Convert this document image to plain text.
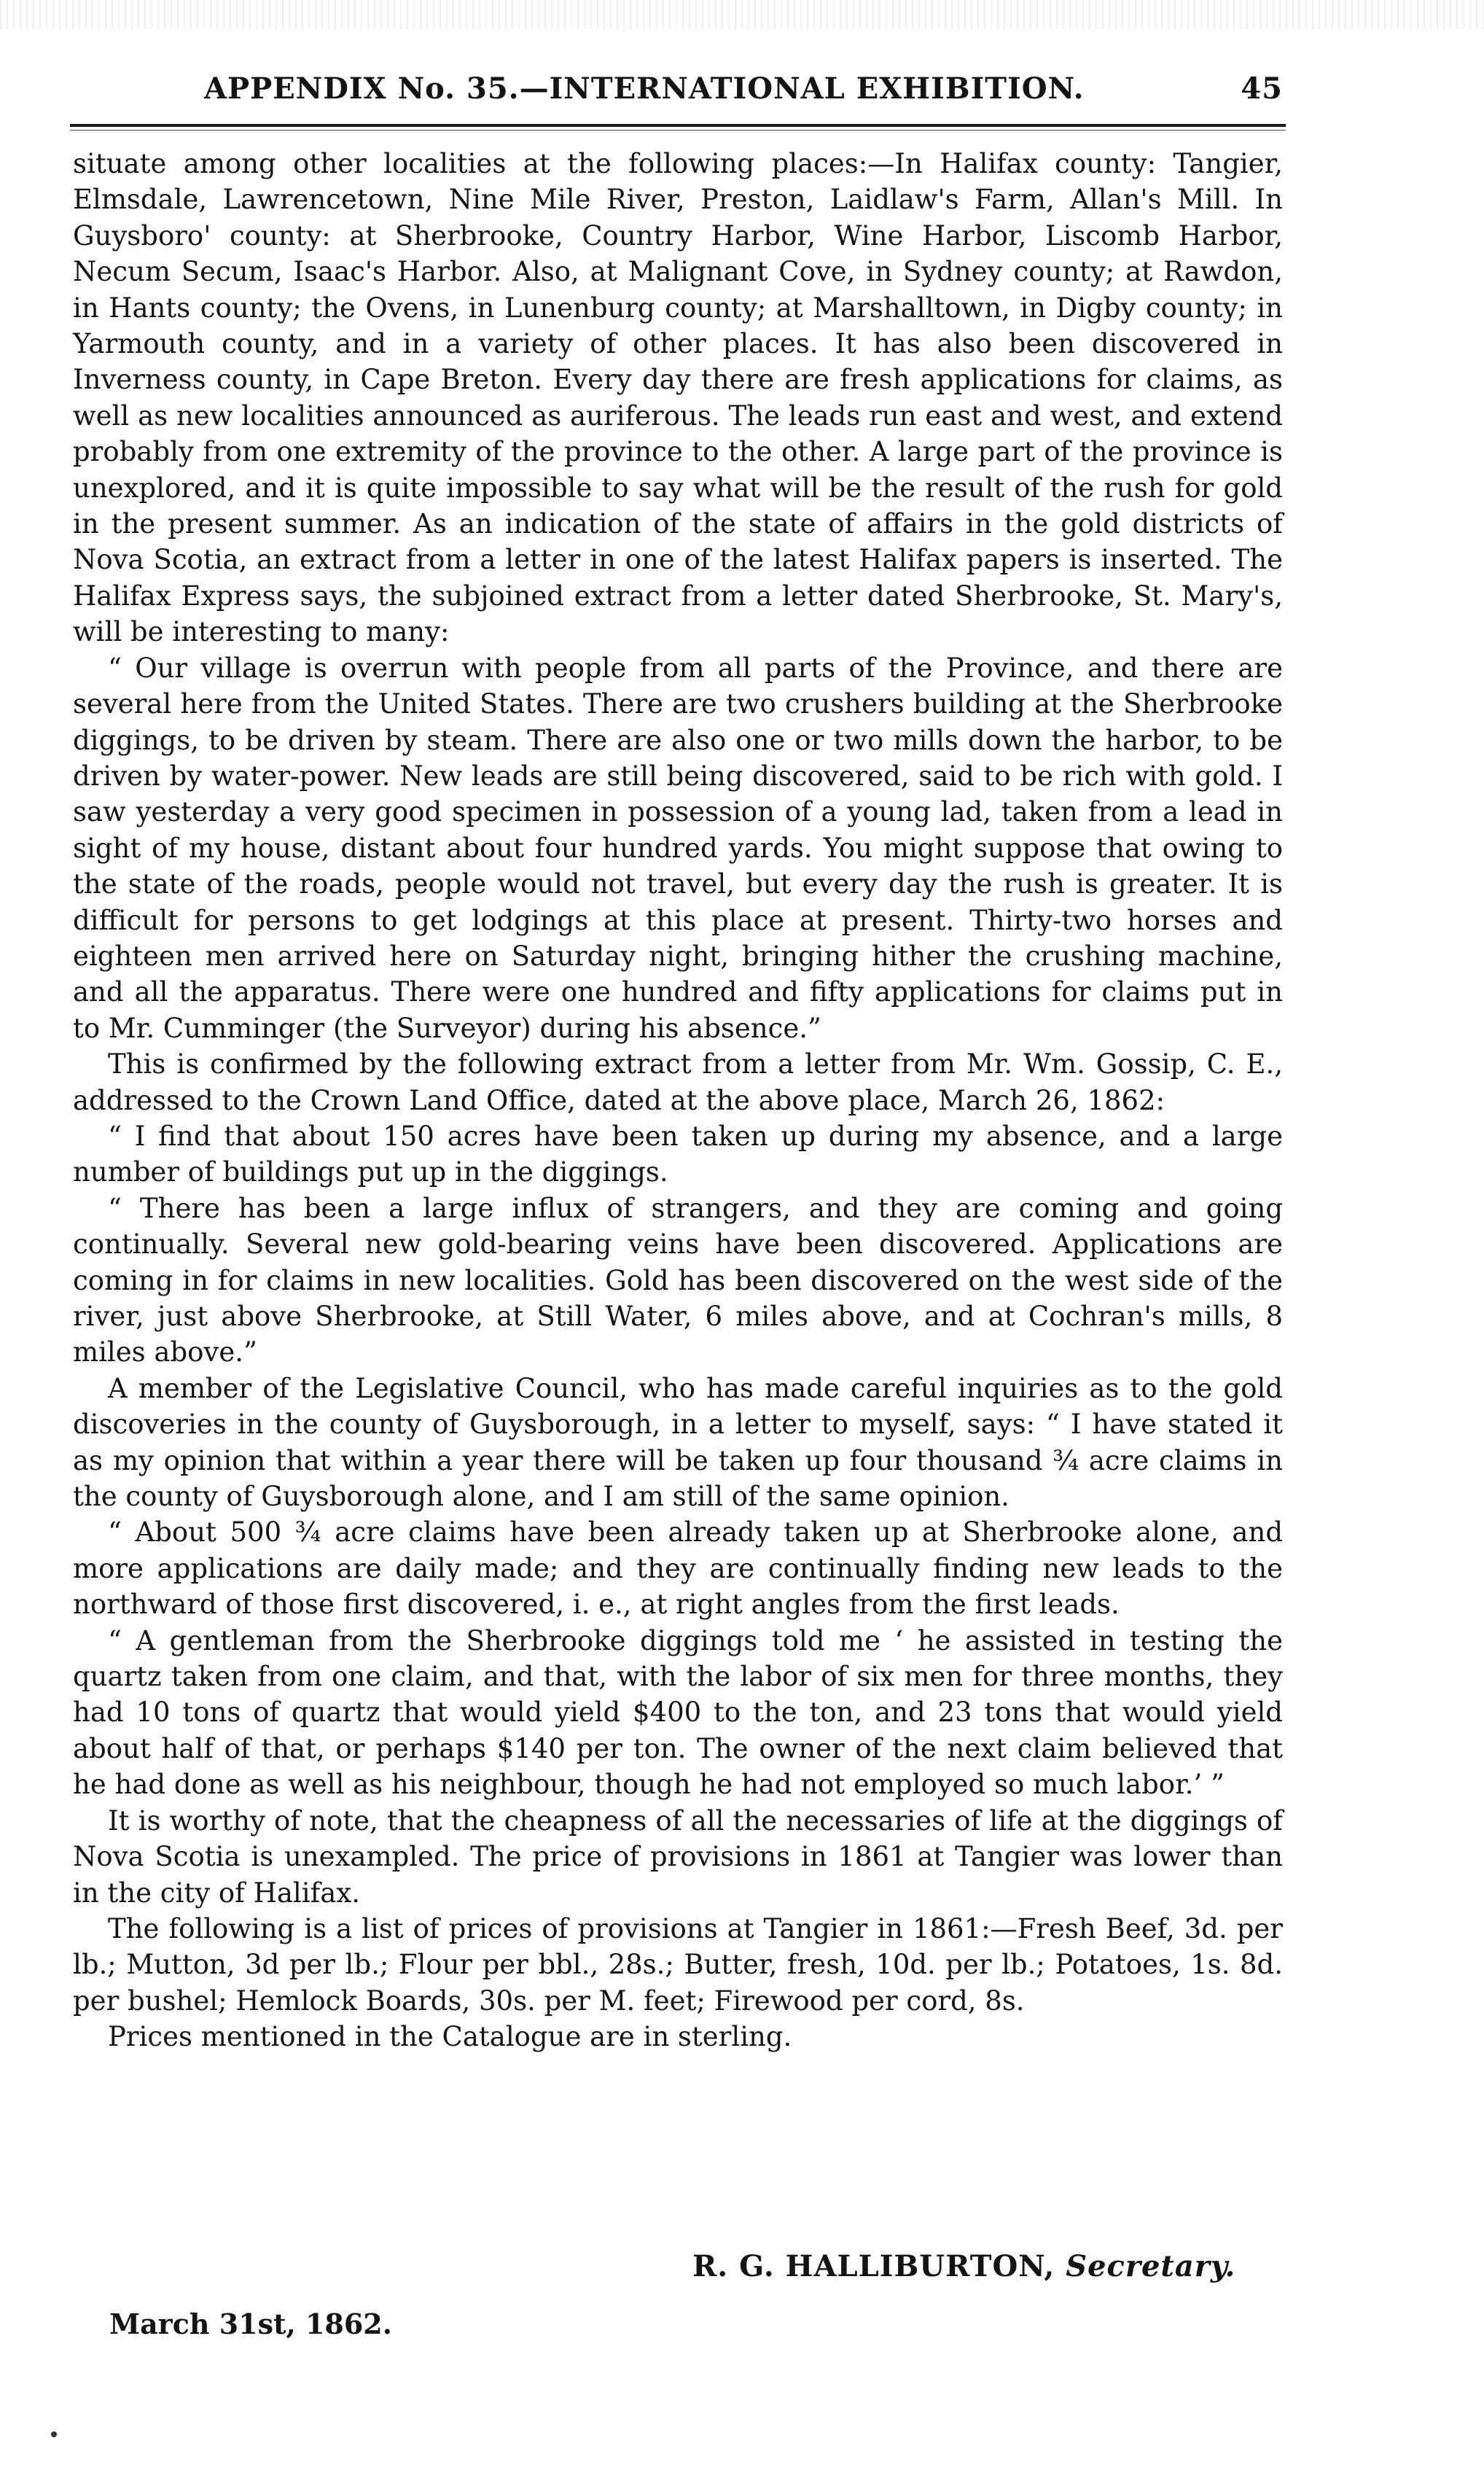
APPENDIX No. 35.—INTERNATIONAL EXHIBITION.	45

situate among other localities at the following places:—In Halifax county: Tangier, Elmsdale, Lawrencetown, Nine Mile River, Preston, Laidlaw's Farm, Allan's Mill. In Guysboro' county: at Sherbrooke, Country Harbor, Wine Harbor, Liscomb Harbor, Necum Secum, Isaac's Harbor. Also, at Malignant Cove, in Sydney county; at Rawdon, in Hants county; the Ovens, in Lunenburg county; at Marshalltown, in Digby county; in Yarmouth county, and in a variety of other places. It has also been discovered in Inverness county, in Cape Breton. Every day there are fresh applications for claims, as well as new localities announced as auriferous. The leads run east and west, and extend probably from one extremity of the province to the other. A large part of the province is unexplored, and it is quite impossible to say what will be the result of the rush for gold in the present summer. As an indication of the state of affairs in the gold districts of Nova Scotia, an extract from a letter in one of the latest Halifax papers is inserted. The Halifax Express says, the subjoined extract from a letter dated Sherbrooke, St. Mary's, will be interesting to many:

“ Our village is overrun with people from all parts of the Province, and there are several here from the United States. There are two crushers building at the Sherbrooke diggings, to be driven by steam. There are also one or two mills down the harbor, to be driven by water-power. New leads are still being discovered, said to be rich with gold. I saw yesterday a very good specimen in possession of a young lad, taken from a lead in sight of my house, distant about four hundred yards. You might suppose that owing to the state of the roads, people would not travel, but every day the rush is greater. It is difficult for persons to get lodgings at this place at present. Thirty-two horses and eighteen men arrived here on Saturday night, bringing hither the crushing machine, and all the apparatus. There were one hundred and fifty applications for claims put in to Mr. Cumminger (the Surveyor) during his absence.”

This is confirmed by the following extract from a letter from Mr. Wm. Gossip, C. E., addressed to the Crown Land Office, dated at the above place, March 26, 1862:

“ I find that about 150 acres have been taken up during my absence, and a large number of buildings put up in the diggings.

“ There has been a large influx of strangers, and they are coming and going continually. Several new gold-bearing veins have been discovered. Applications are coming in for claims in new localities. Gold has been discovered on the west side of the river, just above Sherbrooke, at Still Water, 6 miles above, and at Cochran's mills, 8 miles above.”

A member of the Legislative Council, who has made careful inquiries as to the gold discoveries in the county of Guysborough, in a letter to myself, says: “ I have stated it as my opinion that within a year there will be taken up four thousand ¾ acre claims in the county of Guysborough alone, and I am still of the same opinion.

“ About 500 ¾ acre claims have been already taken up at Sherbrooke alone, and more applications are daily made; and they are continually finding new leads to the northward of those first discovered, i. e., at right angles from the first leads.

“ A gentleman from the Sherbrooke diggings told me ‘ he assisted in testing the quartz taken from one claim, and that, with the labor of six men for three months, they had 10 tons of quartz that would yield $400 to the ton, and 23 tons that would yield about half of that, or perhaps $140 per ton. The owner of the next claim believed that he had done as well as his neighbour, though he had not employed so much labor.’ ”

It is worthy of note, that the cheapness of all the necessaries of life at the diggings of Nova Scotia is unexampled. The price of provisions in 1861 at Tangier was lower than in the city of Halifax.

The following is a list of prices of provisions at Tangier in 1861:—Fresh Beef, 3d. per lb.; Mutton, 3d per lb.; Flour per bbl., 28s.; Butter, fresh, 10d. per lb.; Potatoes, 1s. 8d. per bushel; Hemlock Boards, 30s. per M. feet; Firewood per cord, 8s.

Prices mentioned in the Catalogue are in sterling.

R. G. HALLIBURTON, Secretary.
March 31st, 1862.
